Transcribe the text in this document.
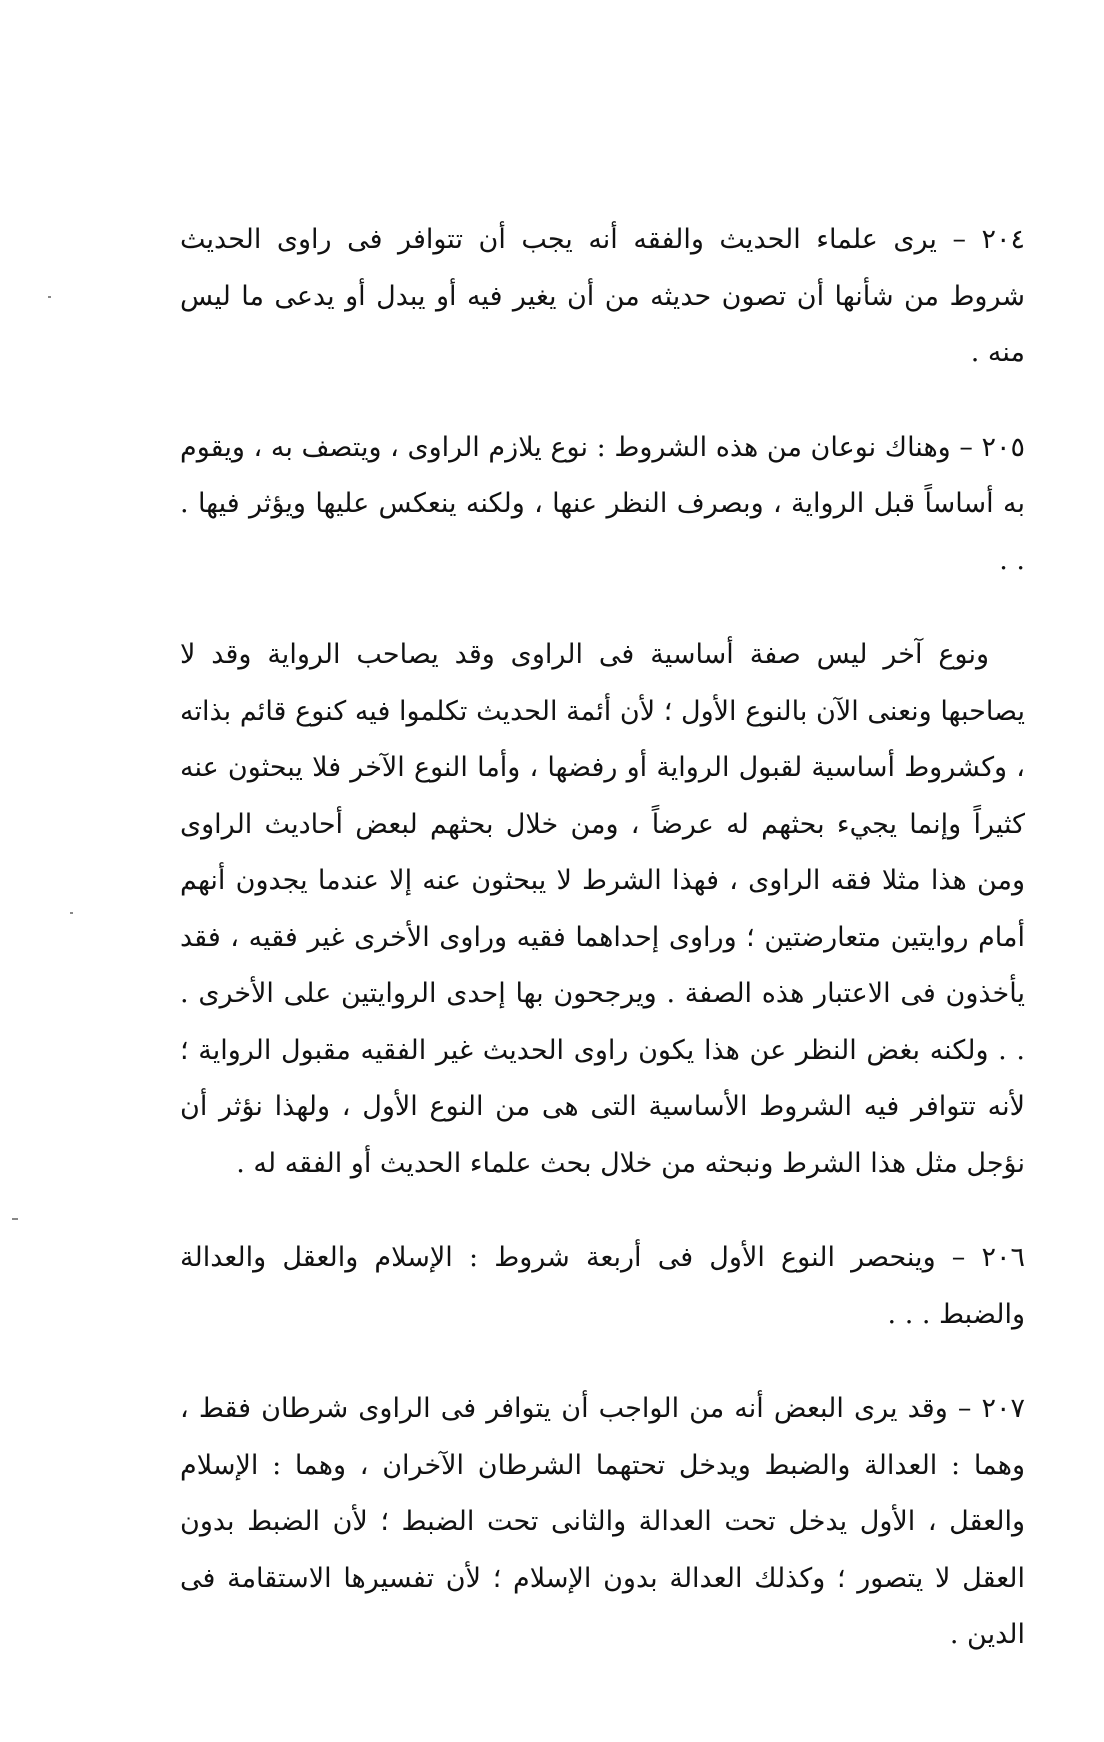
٢٠٤ – يرى علماء الحديث والفقه أنه يجب أن تتوافر فى راوى الحديث شروط من شأنها أن تصون حديثه من أن يغير فيه أو يبدل أو يدعى ما ليس منه .

٢٠٥ – وهناك نوعان من هذه الشروط : نوع يلازم الراوى ، ويتصف به ، ويقوم به أساساً قبل الرواية ، وبصرف النظر عنها ، ولكنه ينعكس عليها ويؤثر فيها . . .

ونوع آخر ليس صفة أساسية فى الراوى وقد يصاحب الرواية وقد لا يصاحبها ونعنى الآن بالنوع الأول ؛ لأن أئمة الحديث تكلموا فيه كنوع قائم بذاته ، وكشروط أساسية لقبول الرواية أو رفضها ، وأما النوع الآخر فلا يبحثون عنه كثيراً وإنما يجيء بحثهم له عرضاً ، ومن خلال بحثهم لبعض أحاديث الراوى ومن هذا مثلا فقه الراوى ، فهذا الشرط لا يبحثون عنه إلا عندما يجدون أنهم أمام روايتين متعارضتين ؛ وراوى إحداهما فقيه وراوى الأخرى غير فقيه ، فقد يأخذون فى الاعتبار هذه الصفة . ويرجحون بها إحدى الروايتين على الأخرى . . . ولكنه بغض النظر عن هذا يكون راوى الحديث غير الفقيه مقبول الرواية ؛ لأنه تتوافر فيه الشروط الأساسية التى هى من النوع الأول ، ولهذا نؤثر أن نؤجل مثل هذا الشرط ونبحثه من خلال بحث علماء الحديث أو الفقه له .

٢٠٦ – وينحصر النوع الأول فى أربعة شروط : الإسلام والعقل والعدالة والضبط . . .

٢٠٧ – وقد يرى البعض أنه من الواجب أن يتوافر فى الراوى شرطان فقط ، وهما : العدالة والضبط ويدخل تحتهما الشرطان الآخران ، وهما : الإسلام والعقل ، الأول يدخل تحت العدالة والثانى تحت الضبط ؛ لأن الضبط بدون العقل لا يتصور ؛ وكذلك العدالة بدون الإسلام ؛ لأن تفسيرها الاستقامة فى الدين .
